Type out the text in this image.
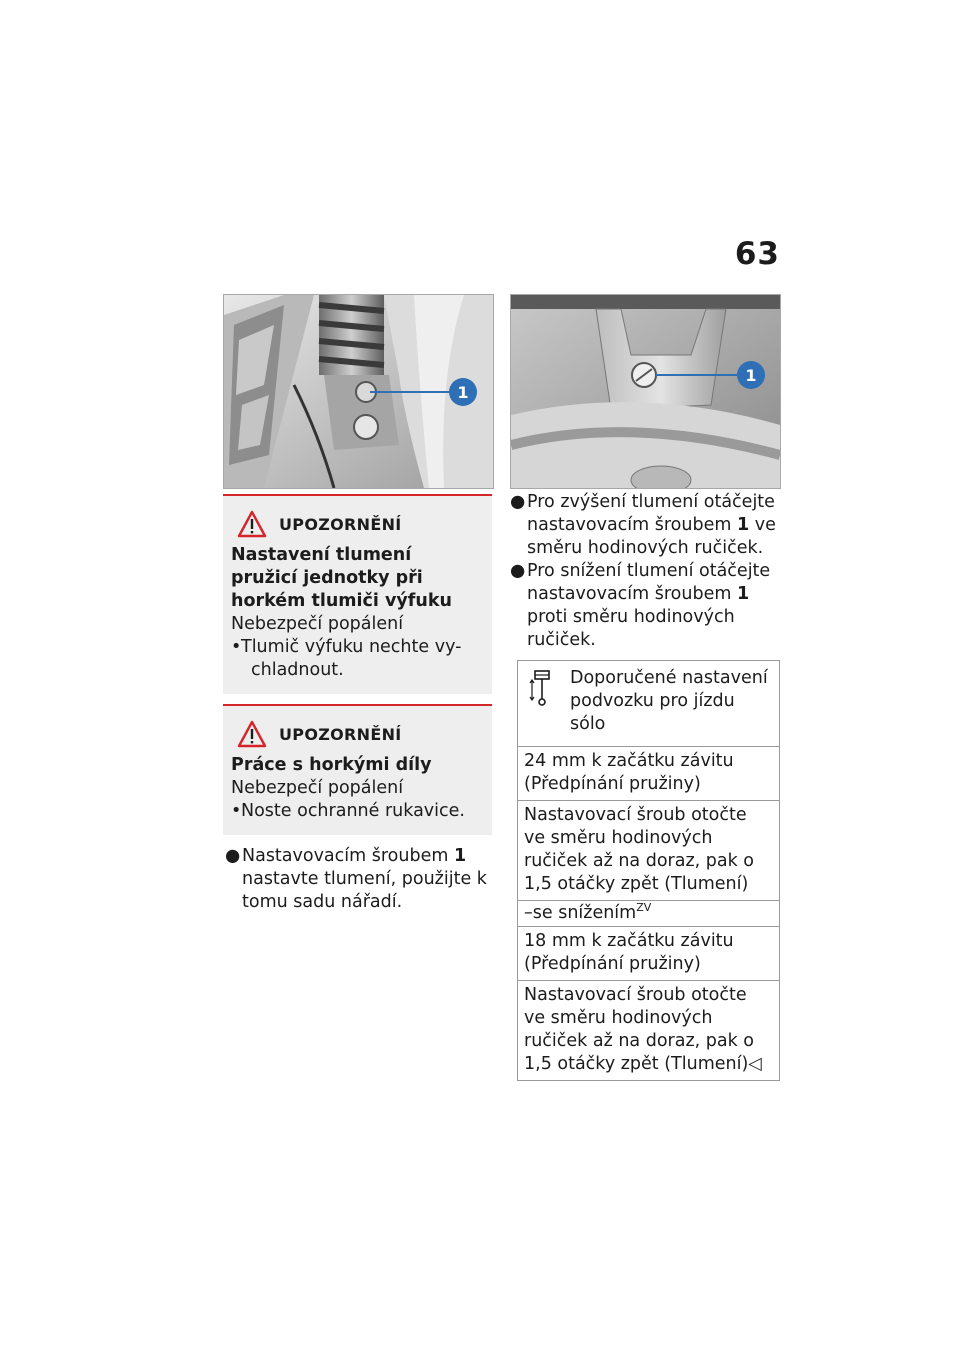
63
1
1
UPOZORNĚNÍ
Nastavení tlumení pružicí jednotky při horkém tlumiči výfuku
Nebezpečí popálení
• Tlumič výfuku nechte vy-
chladnout.
UPOZORNĚNÍ
Práce s horkými díly
Nebezpečí popálení
• Noste ochranné rukavice.
● Nastavovacím šroubem 1 nastavte tlumení, použijte k tomu sadu nářadí.
● Pro zvýšení tlumení otáčejte nastavovacím šroubem 1 ve směru hodinových ručiček.
● Pro snížení tlumení otáčejte nastavovacím šroubem 1 proti směru hodinových ručiček.
Doporučené nastavení podvozku pro jízdu sólo
24 mm k začátku závitu (Předpínání pružiny)
Nastavovací šroub otočte ve směru hodinových ručiček až na doraz, pak o 1,5 otáčky zpět (Tlumení)
–se snížením$^{ZV}$
18 mm k začátku závitu (Předpínání pružiny)
Nastavovací šroub otočte ve směru hodinových ručiček až na doraz, pak o 1,5 otáčky zpět (Tlumení)◁
